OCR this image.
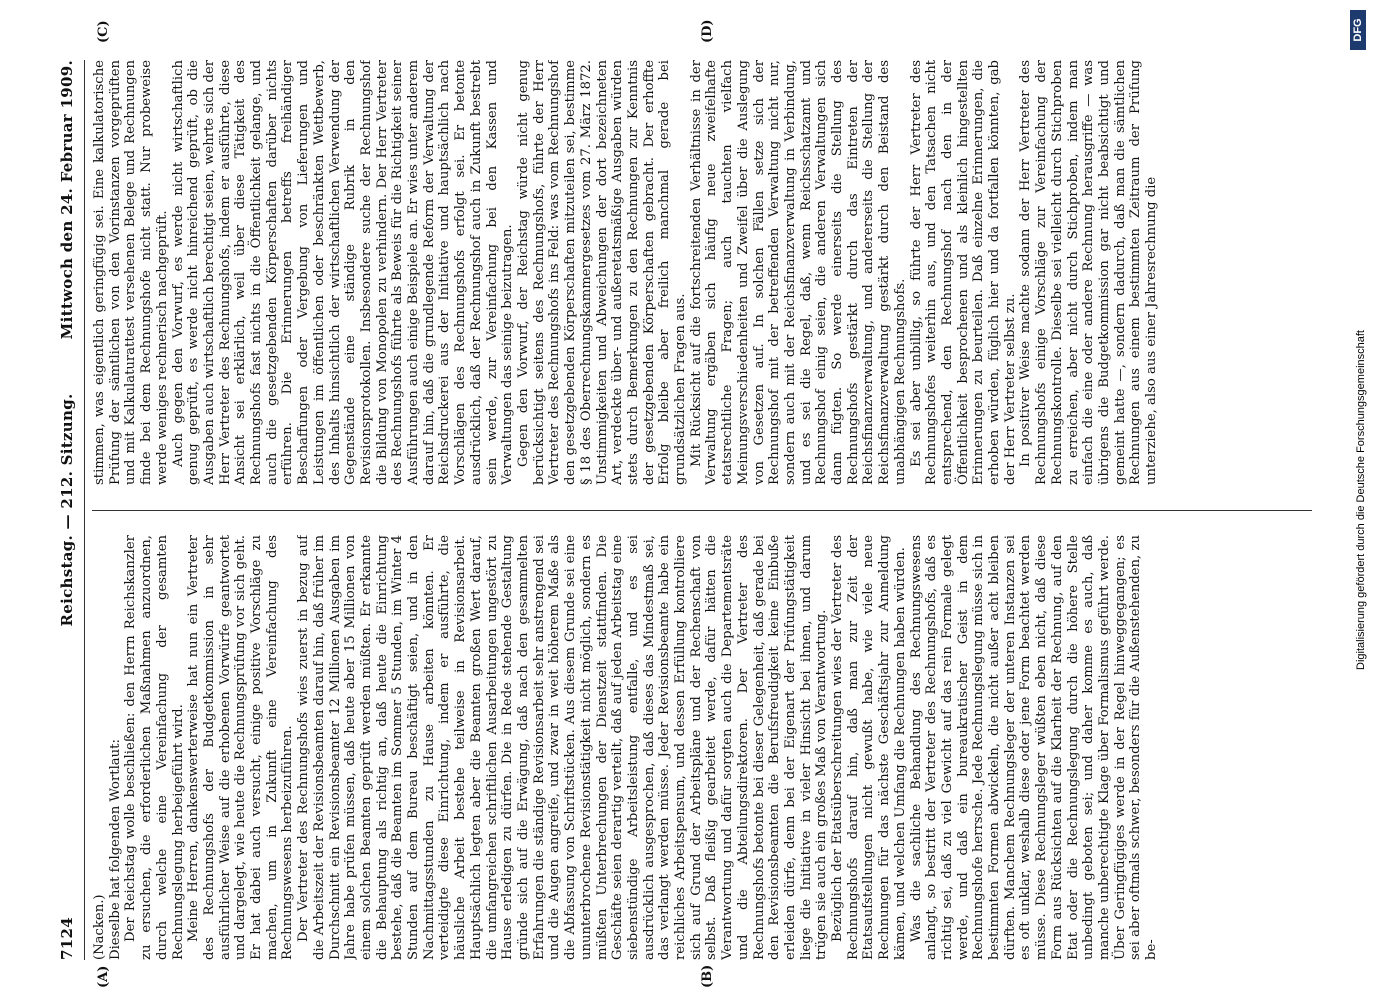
7124
Reichstag. — 212. Sitzung.
Mittwoch den 24. Februar 1909.
(A)	(B)
(C)	(D)

(Nacken.) Dieselbe hat folgenden Wortlaut: Der Reichstag wolle beschließen: den Herrn Reichskanzler zu ersuchen, die erforderlichen Maßnahmen anzuordnen, durch welche eine Vereinfachung der gesamten Rechnungslegung herbeigeführt wird. Meine Herren, dankenswerterweise hat nun ein Vertreter des Rechnungshofs der Budgetkommission in sehr ausführlicher Weise auf die erhobenen Vorwürfe geantwortet und dargelegt, wie heute die Rechnungsprüfung vor sich geht. Er hat dabei auch versucht, einige positive Vorschläge zu machen, um in Zukunft eine Vereinfachung des Rechnungswesens herbeizuführen. Der Vertreter des Rechnungshofs wies zuerst in bezug auf die Arbeitszeit der Revisionsbeamten darauf hin, daß früher im Durchschnitt ein Revisionsbeamter 12 Millionen Ausgaben im Jahre habe prüfen müssen, daß heute aber 15 Millionen von einem solchen Beamten geprüft werden müßten. Er erkannte die Behauptung als richtig an, daß heute die Einrichtung bestehe, daß die Beamten im Sommer 5 Stunden, im Winter 4 Stunden auf dem Bureau beschäftigt seien, und in den Nachmittagsstunden zu Hause arbeiten könnten. Er verteidigte diese Einrichtung, indem er ausführte, die häusliche Arbeit bestehe teilweise in Revisionsarbeit. Hauptsächlich legten aber die Beamten großen Wert darauf, die umfangreichen schriftlichen Ausarbeitungen ungestört zu Hause erledigen zu dürfen. Die in Rede stehende Gestaltung gründe sich auf die Erwägung, daß nach den gesammelten Erfahrungen die ständige Revisionsarbeit sehr anstrengend sei und die Augen angreife, und zwar in weit höherem Maße als die Abfassung von Schriftstücken. Aus diesem Grunde sei eine ununterbrochene Revisionstätigkeit nicht möglich, sondern es müßten Unterbrechungen der Dienstzeit stattfinden. Die Geschäfte seien derartig verteilt, daß auf jeden Arbeitstag eine siebenstündige Arbeitsleistung entfalle, und es sei ausdrücklich ausgesprochen, daß dieses das Mindestmaß sei, das verlangt werden müsse. Jeder Revisionsbeamte habe ein reichliches Arbeitspensum, und dessen Erfüllung kontrolliere sich auf Grund der Arbeitspläne und der Rechenschaft von selbst. Daß fleißig gearbeitet werde, dafür hätten die Verantwortung und dafür sorgten auch die Departementsräte und die Abteilungsdirektoren. Der Vertreter des Rechnungshofs betonte bei dieser Gelegenheit, daß gerade bei den Revisionsbeamten die Berufsfreudigkeit keine Einbuße erleiden dürfe, denn bei der Eigenart der Prüfungstätigkeit liege die Initiative in vieler Hinsicht bei ihnen, und darum trügen sie auch ein großes Maß von Verantwortung. Bezüglich der Etatsüberschreitungen wies der Vertreter des Rechnungshofs darauf hin, daß man zur Zeit der Etatsaufstellungen nicht gewußt habe, wie viele neue Rechnungen für das nächste Geschäftsjahr zur Anmeldung kämen, und welchen Umfang die Rechnungen haben würden. Was die sachliche Behandlung des Rechnungswesens anlangt, so bestritt der Vertreter des Rechnungshofs, daß es richtig sei, daß zu viel Gewicht auf das rein Formale gelegt werde, und daß ein bureaukratischer Geist in dem Rechnungshofe herrsche. Jede Rechnungslegung müsse sich in bestimmten Formen abwickeln, die nicht außer acht bleiben dürften. Manchem Rechnungsleger der unteren Instanzen sei es oft unklar, weshalb diese oder jene Form beachtet werden müsse. Diese Rechnungsleger wüßten eben nicht, daß diese Form aus Rücksichten auf die Klarheit der Rechnung, auf den Etat oder die Rechnungslegung durch die höhere Stelle unbedingt geboten sei; und daher komme es auch, daß manche unberechtigte Klage über Formalismus geführt werde. Über Geringfügiges werde in der Regel hinweggegangen; es sei aber oftmals schwer, besonders für die Außenstehenden, zu be-

stimmen, was eigentlich geringfügig sei. Eine kalkulatorische Prüfung der sämtlichen von den Vorinstanzen vorgeprüften und mit Kalkulaturattest versehenen Belege und Rechnungen finde bei dem Rechnungshofe nicht statt. Nur probeweise werde weniges rechnerisch nachgeprüft. Auch gegen den Vorwurf, es werde nicht wirtschaftlich genug geprüft, es werde nicht hinreichend geprüft, ob die Ausgaben auch wirtschaftlich berechtigt seien, wehrte sich der Herr Vertreter des Rechnungshofs, indem er ausführte, diese Ansicht sei erklärlich, weil über diese Tätigkeit des Rechnungshofs fast nichts in die Öffentlichkeit gelange, und auch die gesetzgebenden Körperschaften darüber nichts erführen. Die Erinnerungen betreffs freihändiger Beschaffungen oder Vergebung von Lieferungen und Leistungen im öffentlichen oder beschränkten Wettbewerb, des Inhalts hinsichtlich der wirtschaftlichen Verwendung der Gegenstände eine ständige Rubrik in den Revisionsprotokollen. Insbesondere suche der Rechnungshof die Bildung von Monopolen zu verhindern. Der Herr Vertreter des Rechnungshofs führte als Beweis für die Richtigkeit seiner Ausführungen auch einige Beispiele an. Er wies unter anderem darauf hin, daß die grundlegende Reform der Verwaltung der Reichsdruckerei aus der Initiative und hauptsächlich nach Vorschlägen des Rechnungshofs erfolgt sei. Er betonte ausdrücklich, daß der Rechnungshof auch in Zukunft bestrebt sein werde, zur Vereinfachung bei den Kassen und Verwaltungen das seinige beizutragen. Gegen den Vorwurf, der Reichstag würde nicht genug berücksichtigt seitens des Rechnungshofs, führte der Herr Vertreter des Rechnungshofs ins Feld: was vom Rechnungshof den gesetzgebenden Körperschaften mitzuteilen sei, bestimme § 18 des Oberrechnungskammergesetzes vom 27. März 1872. Unstimmigkeiten und Abweichungen der dort bezeichneten Art, verdeckte über- und außeretatsmäßige Ausgaben würden stets durch Bemerkungen zu den Rechnungen zur Kenntnis der gesetzgebenden Körperschaften gebracht. Der erhoffte Erfolg bleibe aber freilich manchmal gerade bei grundsätzlichen Fragen aus. Mit Rücksicht auf die fortschreitenden Verhältnisse in der Verwaltung ergäben sich häufig neue zweifelhafte etatsrechtliche Fragen; auch tauchten vielfach Meinungsverschiedenheiten und Zweifel über die Auslegung von Gesetzen auf. In solchen Fällen setze sich der Rechnungshof mit der betreffenden Verwaltung nicht nur, sondern auch mit der Reichsfinanzverwaltung in Verbindung, und es sei die Regel, daß, wenn Reichsschatzamt und Rechnungshof einig seien, die anderen Verwaltungen sich dann fügten. So werde einerseits die Stellung des Rechnungshofs gestärkt durch das Eintreten der Reichsfinanzverwaltung, und andererseits die Stellung der Reichsfinanzverwaltung gestärkt durch den Beistand des unabhängigen Rechnungshofs. Es sei aber unbillig, so führte der Herr Vertreter des Rechnungshofes weiterhin aus, und den Tatsachen nicht entsprechend, den Rechnungshof nach den in der Öffentlichkeit besprochenen und als kleinlich hingestellten Erinnerungen zu beurteilen. Daß einzelne Erinnerungen, die erhoben würden, füglich hier und da fortfallen könnten, gab der Herr Vertreter selbst zu. In positiver Weise machte sodann der Herr Vertreter des Rechnungshofs einige Vorschläge zur Vereinfachung der Rechnungskontrolle. Dieselbe sei vielleicht durch Stichproben zu erreichen, aber nicht durch Stichproben, indem man einfach die eine oder andere Rechnung herausgriffe — was übrigens die Budgetkommission gar nicht beabsichtigt und gemeint hatte —, sondern dadurch, daß man die sämtlichen Rechnungen aus einem bestimmten Zeitraum der Prüfung unterziehe, also aus einer Jahresrechnung die	Digitalisierung gefördert durch die Deutsche Forschungsgemeinschaft
DFG
